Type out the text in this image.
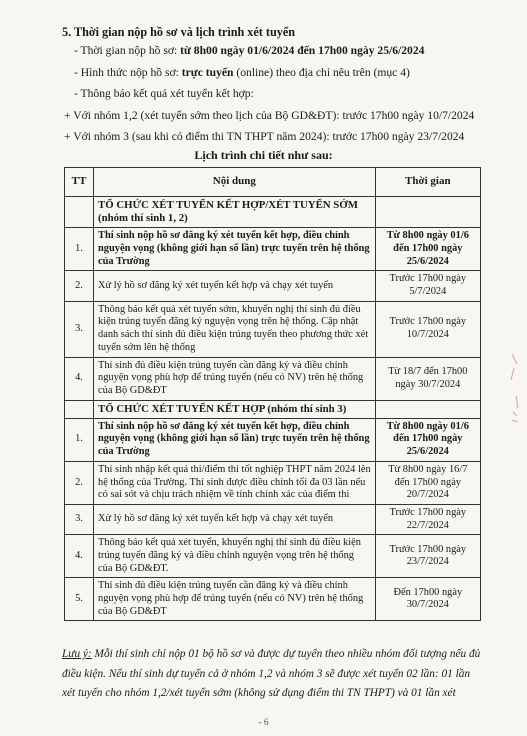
5. Thời gian nộp hồ sơ và lịch trình xét tuyển
- Thời gian nộp hồ sơ: từ 8h00 ngày 01/6/2024 đến 17h00 ngày 25/6/2024
- Hình thức nộp hồ sơ: trực tuyến (online) theo địa chỉ nêu trên (mục 4)
- Thông báo kết quả xét tuyển kết hợp:
+ Với nhóm 1,2 (xét tuyển sớm theo lịch của Bộ GD&ĐT): trước 17h00 ngày 10/7/2024
+ Với nhóm 3 (sau khi có điểm thi TN THPT năm 2024): trước 17h00 ngày 23/7/2024
Lịch trình chi tiết như sau:
TT	Nội dung	Thời gian
	TỔ CHỨC XÉT TUYỂN KẾT HỢP/XÉT TUYỂN SỚM (nhóm thí sinh 1, 2)	
1.	Thí sinh nộp hồ sơ đăng ký xét tuyển kết hợp, điều chỉnh nguyện vọng (không giới hạn số lần) trực tuyến trên hệ thống của Trường	Từ 8h00 ngày 01/6 đến 17h00 ngày 25/6/2024
2.	Xử lý hồ sơ đăng ký xét tuyển kết hợp và chạy xét tuyển	Trước 17h00 ngày 5/7/2024
3.	Thông báo kết quả xét tuyển sớm, khuyến nghị thí sinh đủ điều kiện trúng tuyển đăng ký nguyện vọng trên hệ thống. Cập nhật danh sách thí sinh đủ điều kiện trúng tuyển theo phương thức xét tuyển sớm lên hệ thống	Trước 17h00 ngày 10/7/2024
4.	Thí sinh đủ điều kiện trúng tuyển cần đăng ký và điều chỉnh nguyện vọng phù hợp để trúng tuyển (nếu có NV) trên hệ thống của Bộ GD&ĐT	Từ 18/7 đến 17h00 ngày 30/7/2024
	TỔ CHỨC XÉT TUYỂN KẾT HỢP (nhóm thí sinh 3)	
1.	Thí sinh nộp hồ sơ đăng ký xét tuyển kết hợp, điều chỉnh nguyện vọng (không giới hạn số lần) trực tuyến trên hệ thống của Trường	Từ 8h00 ngày 01/6 đến 17h00 ngày 25/6/2024
2.	Thí sinh nhập kết quả thi/điểm thi tốt nghiệp THPT năm 2024 lên hệ thống của Trường. Thí sinh được điều chỉnh tối đa 03 lần nếu có sai sót và chịu trách nhiệm về tính chính xác của điểm thi	Từ 8h00 ngày 16/7 đến 17h00 ngày 20/7/2024
3.	Xử lý hồ sơ đăng ký xét tuyển kết hợp và chạy xét tuyển	Trước 17h00 ngày 22/7/2024
4.	Thông báo kết quả xét tuyển, khuyến nghị thí sinh đủ điều kiện trúng tuyển đăng ký và điều chỉnh nguyện vọng trên hệ thống của Bộ GD&ĐT.	Trước 17h00 ngày 23/7/2024
5.	Thí sinh đủ điều kiện trúng tuyển cần đăng ký và điều chỉnh nguyện vọng phù hợp để trúng tuyển (nếu có NV) trên hệ thống của Bộ GD&ĐT	Đến 17h00 ngày 30/7/2024
Lưu ý: Mỗi thí sinh chỉ nộp 01 bộ hồ sơ và được dự tuyển theo nhiều nhóm đối tượng nếu đủ điều kiện. Nếu thí sinh dự tuyển cả ở nhóm 1,2 và nhóm 3 sẽ được xét tuyển 02 lần: 01 lần xét tuyển cho nhóm 1,2/xét tuyển sớm (không sử dụng điểm thi TN THPT) và 01 lần xét
- 6
